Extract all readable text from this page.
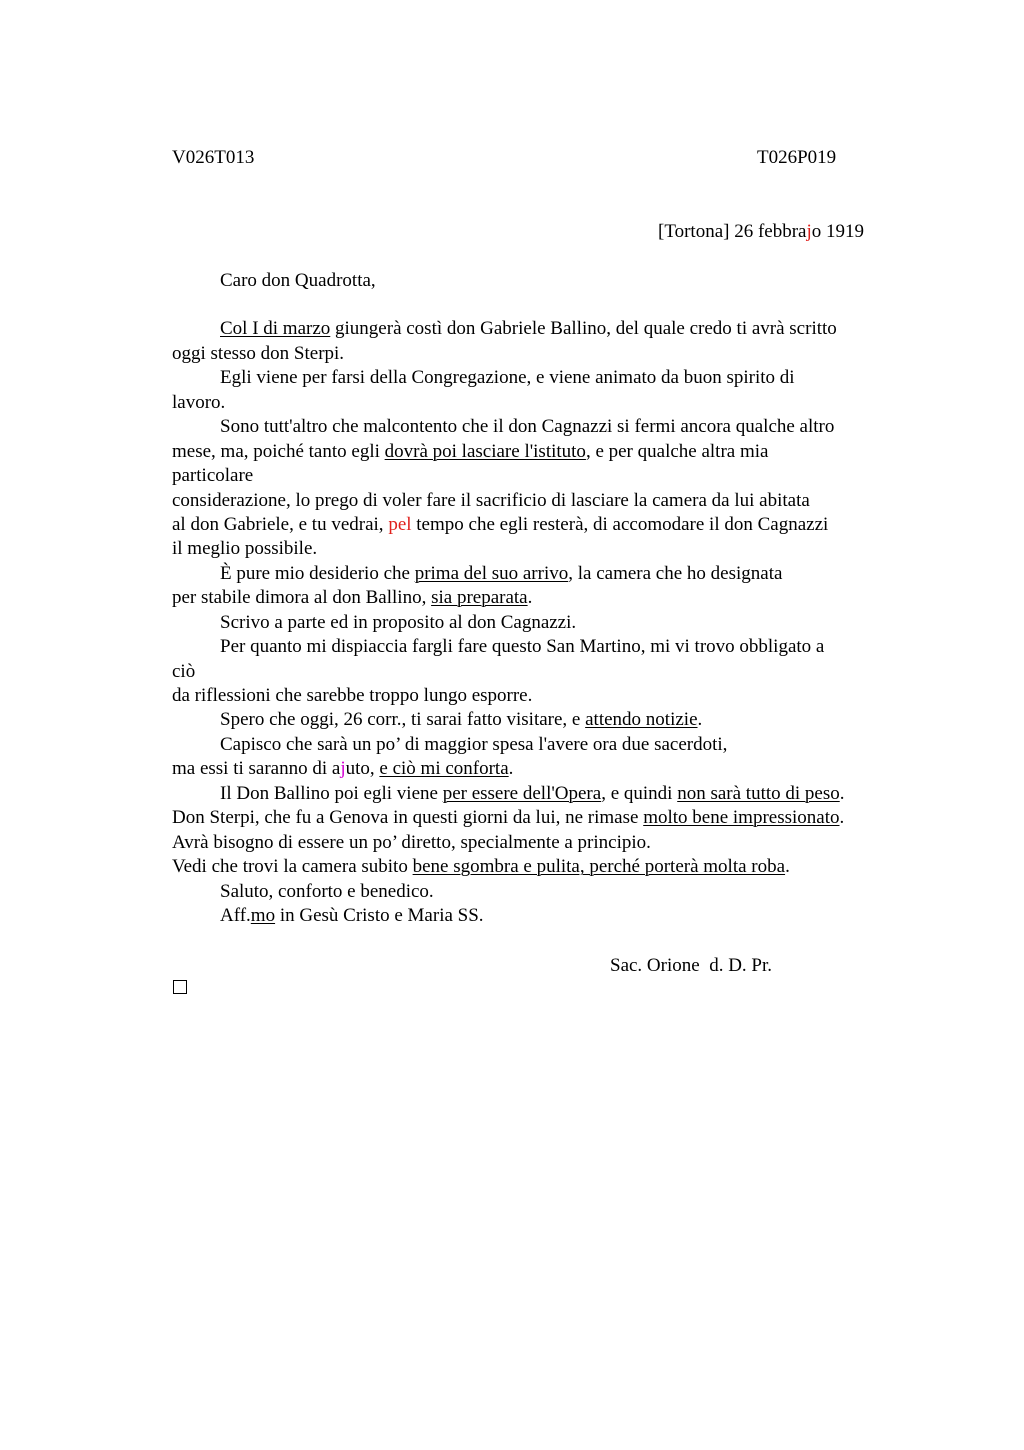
V026T013	T026P019
[Tortona] 26 febbrajo 1919
Caro don Quadrotta,
Col I di marzo giungerà costì don Gabriele Ballino, del quale credo ti avrà scritto
oggi stesso don Sterpi.
Egli viene per farsi della Congregazione, e viene animato da buon spirito di
lavoro.
Sono tutt'altro che malcontento che il don Cagnazzi si fermi ancora qualche altro
mese, ma, poiché tanto egli dovrà poi lasciare l'istituto, e per qualche altra mia
particolare
considerazione, lo prego di voler fare il sacrificio di lasciare la camera da lui abitata
al don Gabriele, e tu vedrai, pel tempo che egli resterà, di accomodare il don Cagnazzi
il meglio possibile.
È pure mio desiderio che prima del suo arrivo, la camera che ho designata
per stabile dimora al don Ballino, sia preparata.
Scrivo a parte ed in proposito al don Cagnazzi.
Per quanto mi dispiaccia fargli fare questo San Martino, mi vi trovo obbligato a
ciò
da riflessioni che sarebbe troppo lungo esporre.
Spero che oggi, 26 corr., ti sarai fatto visitare, e attendo notizie.
Capisco che sarà un po’ di maggior spesa l'avere ora due sacerdoti,
ma essi ti saranno di ajuto, e ciò mi conforta.
Il Don Ballino poi egli viene per essere dell'Opera, e quindi non sarà tutto di peso.
Don Sterpi, che fu a Genova in questi giorni da lui, ne rimase molto bene impressionato.
Avrà bisogno di essere un po’ diretto, specialmente a principio.
Vedi che trovi la camera subito bene sgombra e pulita, perché porterà molta roba.
Saluto, conforto e benedico.
Aff.mo in Gesù Cristo e Maria SS.
Sac. Orione  d. D. Pr.
